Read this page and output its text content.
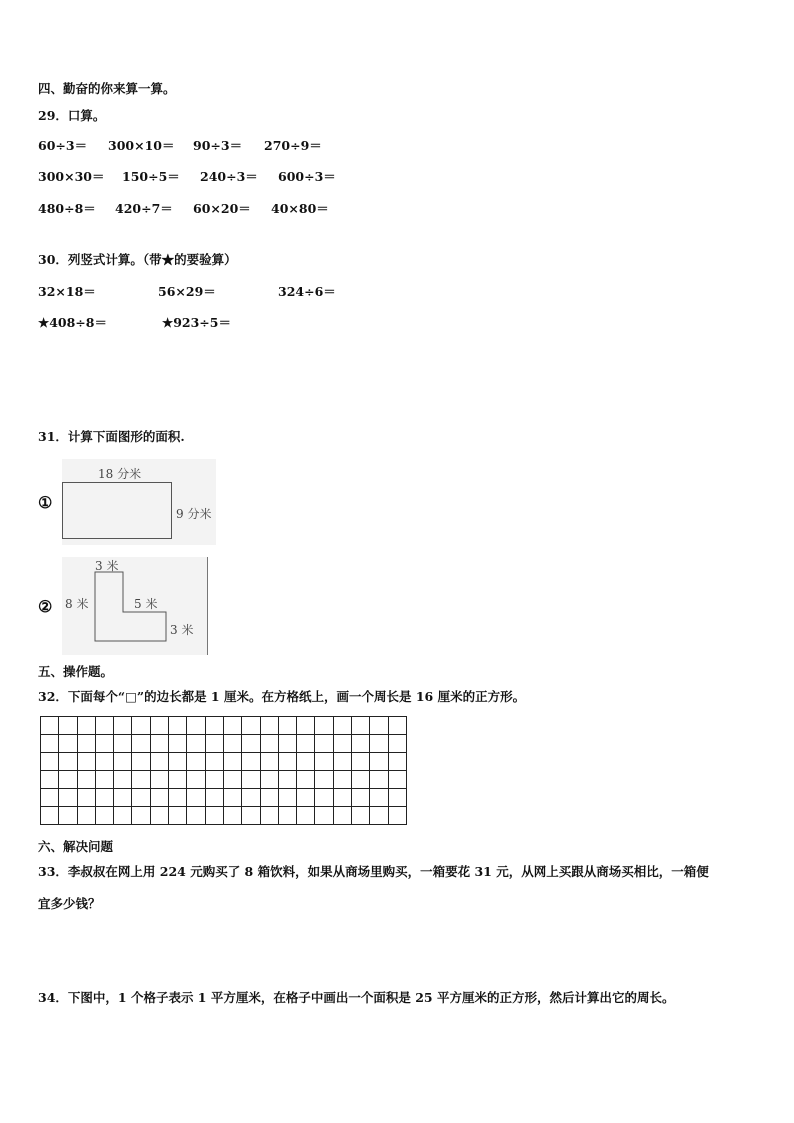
四、勤奋的你来算一算。
29．口算。
60÷3＝ 300×10＝ 90÷3＝ 270÷9＝
300×30＝ 150÷5＝ 240÷3＝ 600÷3＝
480÷8＝ 420÷7＝ 60×20＝ 40×80＝
30．列竖式计算。（带★的要验算）
32×18＝	56×29＝	324÷6＝
★408÷8＝	★923÷5＝
31．计算下面图形的面积.
①
18 分米
9 分米
②
3 米
8 米	5 米
3 米
五、操作题。
32．下面每个“□”的边长都是 1 厘米。在方格纸上，画一个周长是 16 厘米的正方形。

六、解决问题
33．李叔叔在网上用 224 元购买了 8 箱饮料，如果从商场里购买，一箱要花 31 元，从网上买跟从商场买相比，一箱便
宜多少钱？
34．下图中，1 个格子表示 1 平方厘米，在格子中画出一个面积是 25 平方厘米的正方形，然后计算出它的周长。
